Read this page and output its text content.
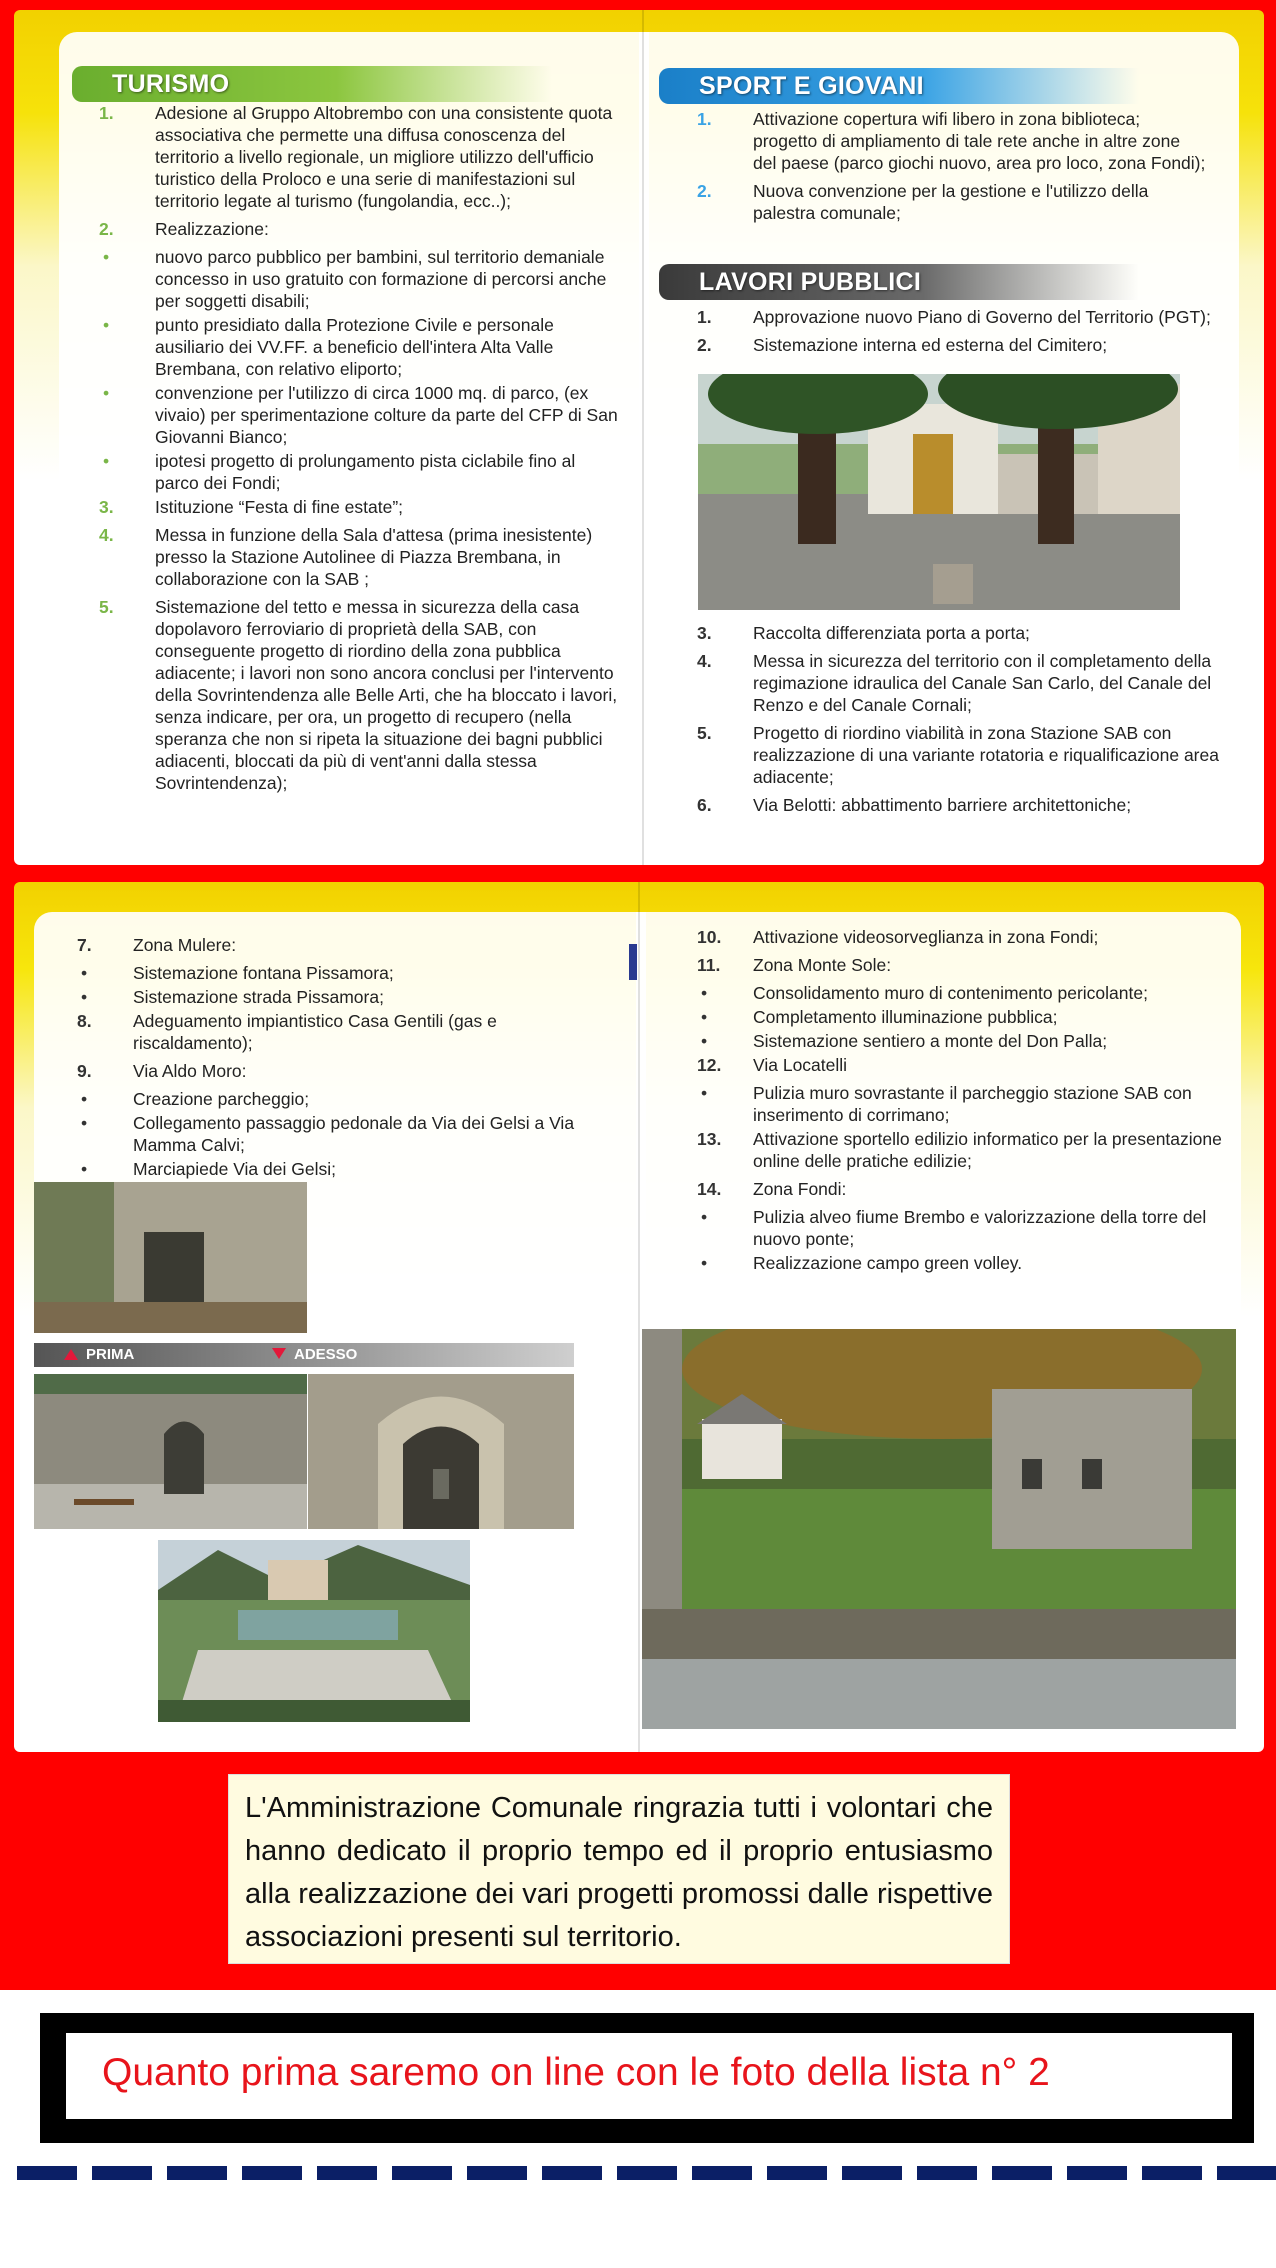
TURISMO
1. Adesione al Gruppo Altobrembo con una consistente quota associativa che permette una diffusa conoscenza del territorio a livello regionale, un migliore utilizzo dell'ufficio turistico della Proloco e una serie di manifestazioni sul territorio legate al turismo (fungolandia, ecc..);
2. Realizzazione:
•	nuovo parco pubblico per bambini, sul territorio demaniale concesso in uso gratuito con formazione di percorsi anche per soggetti disabili;
•	punto presidiato dalla Protezione Civile e personale ausiliario dei VV.FF. a beneficio dell'intera Alta Valle Brembana, con relativo eliporto;
•	convenzione per l'utilizzo di circa 1000 mq. di parco, (ex vivaio) per sperimentazione colture da parte del CFP di San Giovanni Bianco;
•	ipotesi progetto di prolungamento pista ciclabile fino al parco dei Fondi;
3. Istituzione “Festa di fine estate”;
4. Messa in funzione della Sala d'attesa (prima inesistente) presso la Stazione Autolinee di Piazza Brembana, in collaborazione con la SAB ;
5. Sistemazione del tetto e messa in sicurezza della casa dopolavoro ferroviario di proprietà della SAB, con conseguente progetto di riordino della zona pubblica adiacente; i lavori non sono ancora conclusi per l'intervento della Sovrintendenza alle Belle Arti, che ha bloccato i lavori, senza indicare, per ora, un progetto di recupero (nella speranza che non si ripeta la situazione dei bagni pubblici adiacenti, bloccati da più di vent'anni dalla stessa Sovrintendenza);
SPORT E GIOVANI
1. Attivazione copertura wifi libero in zona biblioteca; progetto di ampliamento di tale rete anche in altre zone del paese (parco giochi nuovo, area pro loco, zona Fondi);
2. Nuova convenzione per la gestione e l'utilizzo della palestra comunale;
LAVORI PUBBLICI
1. Approvazione nuovo Piano di Governo del Territorio (PGT);
2. Sistemazione interna ed esterna del Cimitero;
3. Raccolta differenziata porta a porta;
4. Messa in sicurezza del territorio con il completamento della regimazione idraulica del Canale San Carlo, del Canale del Renzo e del Canale Cornali;
5. Progetto di riordino viabilità in zona Stazione SAB con realizzazione di una variante rotatoria e riqualificazione area adiacente;
6. Via Belotti: abbattimento barriere architettoniche;
7. Zona Mulere:
•	Sistemazione fontana Pissamora;
•	Sistemazione strada Pissamora;
8. Adeguamento impiantistico Casa Gentili (gas e riscaldamento);
9. Via Aldo Moro:
•	Creazione parcheggio;
•	Collegamento passaggio pedonale da Via dei Gelsi a Via Mamma Calvi;
•	Marciapiede Via dei Gelsi;
10. Attivazione videosorveglianza in zona Fondi;
11. Zona Monte Sole:
•	Consolidamento muro di contenimento pericolante;
•	Completamento illuminazione pubblica;
•	Sistemazione sentiero a monte del Don Palla;
12. Via Locatelli
•	Pulizia muro sovrastante il parcheggio stazione SAB con inserimento di corrimano;
13. Attivazione sportello edilizio informatico per la presentazione online delle pratiche edilizie;
14. Zona Fondi:
•	Pulizia alveo fiume Brembo e valorizzazione della torre del nuovo ponte;
•	Realizzazione campo green volley.
PRIMA	ADESSO
L'Amministrazione Comunale ringrazia tutti i volontari che hanno dedicato il proprio tempo ed il proprio entusiasmo alla realizzazione dei vari progetti promossi dalle rispettive associazioni presenti sul territorio.
Quanto prima saremo on line con le foto della lista n° 2
